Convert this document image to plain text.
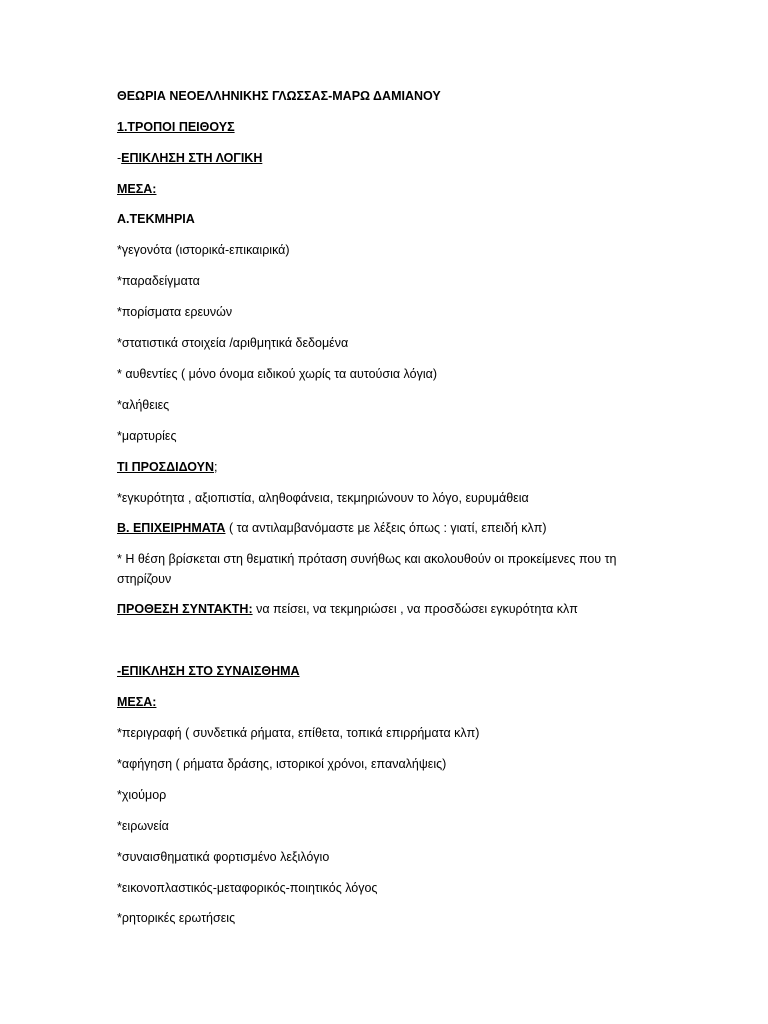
ΘΕΩΡΙΑ ΝΕΟΕΛΛΗΝΙΚΗΣ ΓΛΩΣΣΑΣ-ΜΑΡΩ ΔΑΜΙΑΝΟΥ
1.ΤΡΟΠΟΙ ΠΕΙΘΟΥΣ
-ΕΠΙΚΛΗΣΗ ΣΤΗ ΛΟΓΙΚΗ
ΜΕΣΑ:
Α.ΤΕΚΜΗΡΙΑ
*γεγονότα (ιστορικά-επικαιρικά)
*παραδείγματα
*πορίσματα ερευνών
*στατιστικά στοιχεία /αριθμητικά δεδομένα
* αυθεντίες ( μόνο όνομα ειδικού χωρίς τα αυτούσια λόγια)
*αλήθειες
*μαρτυρίες
ΤΙ ΠΡΟΣΔΙΔΟΥΝ;
*εγκυρότητα , αξιοπιστία, αληθοφάνεια, τεκμηριώνουν το λόγο, ευρυμάθεια
Β. ΕΠΙΧΕΙΡΗΜΑΤΑ ( τα αντιλαμβανόμαστε με λέξεις όπως : γιατί, επειδή κλπ)
* Η θέση βρίσκεται στη θεματική πρόταση συνήθως και ακολουθούν οι προκείμενες που τη στηρίζουν
ΠΡΟΘΕΣΗ ΣΥΝΤΑΚΤΗ: να πείσει, να τεκμηριώσει , να προσδώσει εγκυρότητα κλπ
-ΕΠΙΚΛΗΣΗ ΣΤΟ ΣΥΝΑΙΣΘΗΜΑ
ΜΕΣΑ:
*περιγραφή ( συνδετικά ρήματα, επίθετα, τοπικά επιρρήματα κλπ)
*αφήγηση ( ρήματα δράσης, ιστορικοί χρόνοι, επαναλήψεις)
*χιούμορ
*ειρωνεία
*συναισθηματικά φορτισμένο λεξιλόγιο
*εικονοπλαστικός-μεταφορικός-ποιητικός λόγος
*ρητορικές ερωτήσεις
